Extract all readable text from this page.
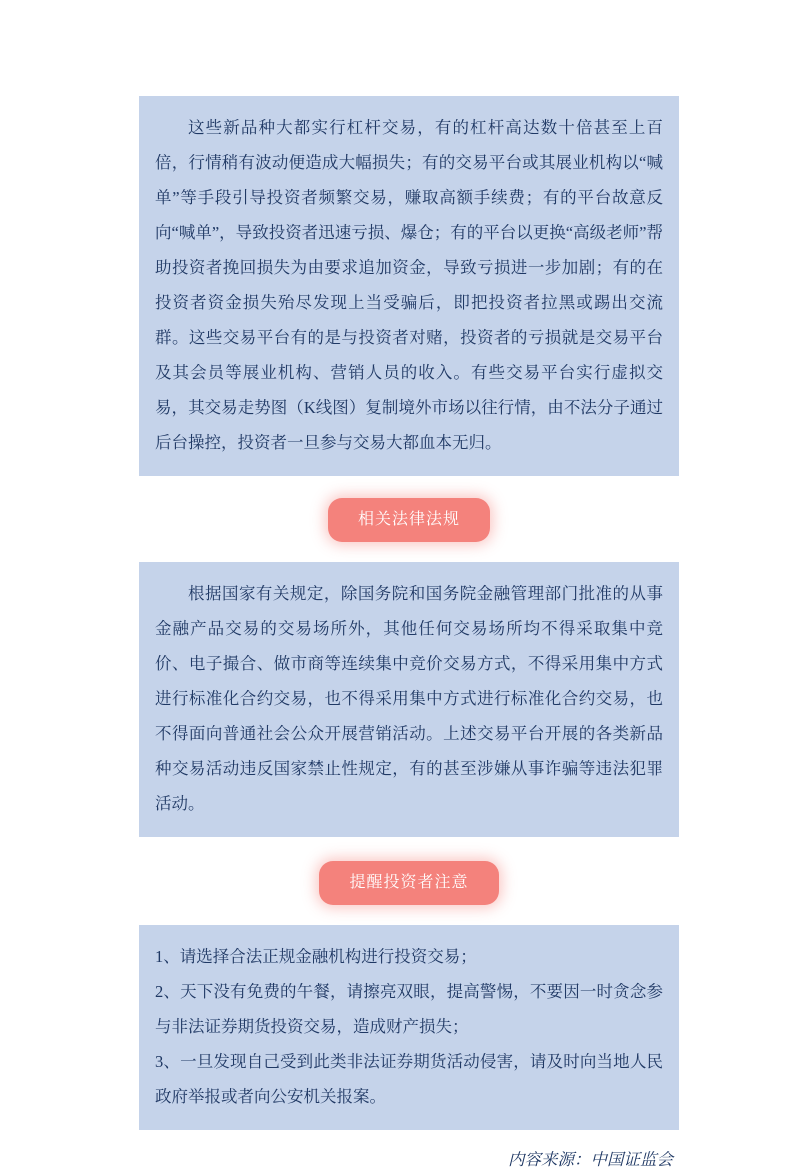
这些新品种大都实行杠杆交易，有的杠杆高达数十倍甚至上百倍，行情稍有波动便造成大幅损失；有的交易平台或其展业机构以“喊单”等手段引导投资者频繁交易，赚取高额手续费；有的平台故意反向“喊单”，导致投资者迅速亏损、爆仓；有的平台以更换“高级老师”帮助投资者挽回损失为由要求追加资金，导致亏损进一步加剧；有的在投资者资金损失殆尽发现上当受骗后，即把投资者拉黑或踢出交流群。这些交易平台有的是与投资者对赌，投资者的亏损就是交易平台及其会员等展业机构、营销人员的收入。有些交易平台实行虚拟交易，其交易走势图（K线图）复制境外市场以往行情，由不法分子通过后台操控，投资者一旦参与交易大都血本无归。

相关法律法规

根据国家有关规定，除国务院和国务院金融管理部门批准的从事金融产品交易的交易场所外，其他任何交易场所均不得采取集中竞价、电子撮合、做市商等连续集中竞价交易方式，不得采用集中方式进行标准化合约交易，也不得采用集中方式进行标准化合约交易，也不得面向普通社会公众开展营销活动。上述交易平台开展的各类新品种交易活动违反国家禁止性规定，有的甚至涉嫌从事诈骗等违法犯罪活动。

提醒投资者注意

1、请选择合法正规金融机构进行投资交易；

2、天下没有免费的午餐，请擦亮双眼，提高警惕，不要因一时贪念参与非法证券期货投资交易，造成财产损失；

3、一旦发现自己受到此类非法证券期货活动侵害，请及时向当地人民政府举报或者向公安机关报案。

内容来源：中国证监会
